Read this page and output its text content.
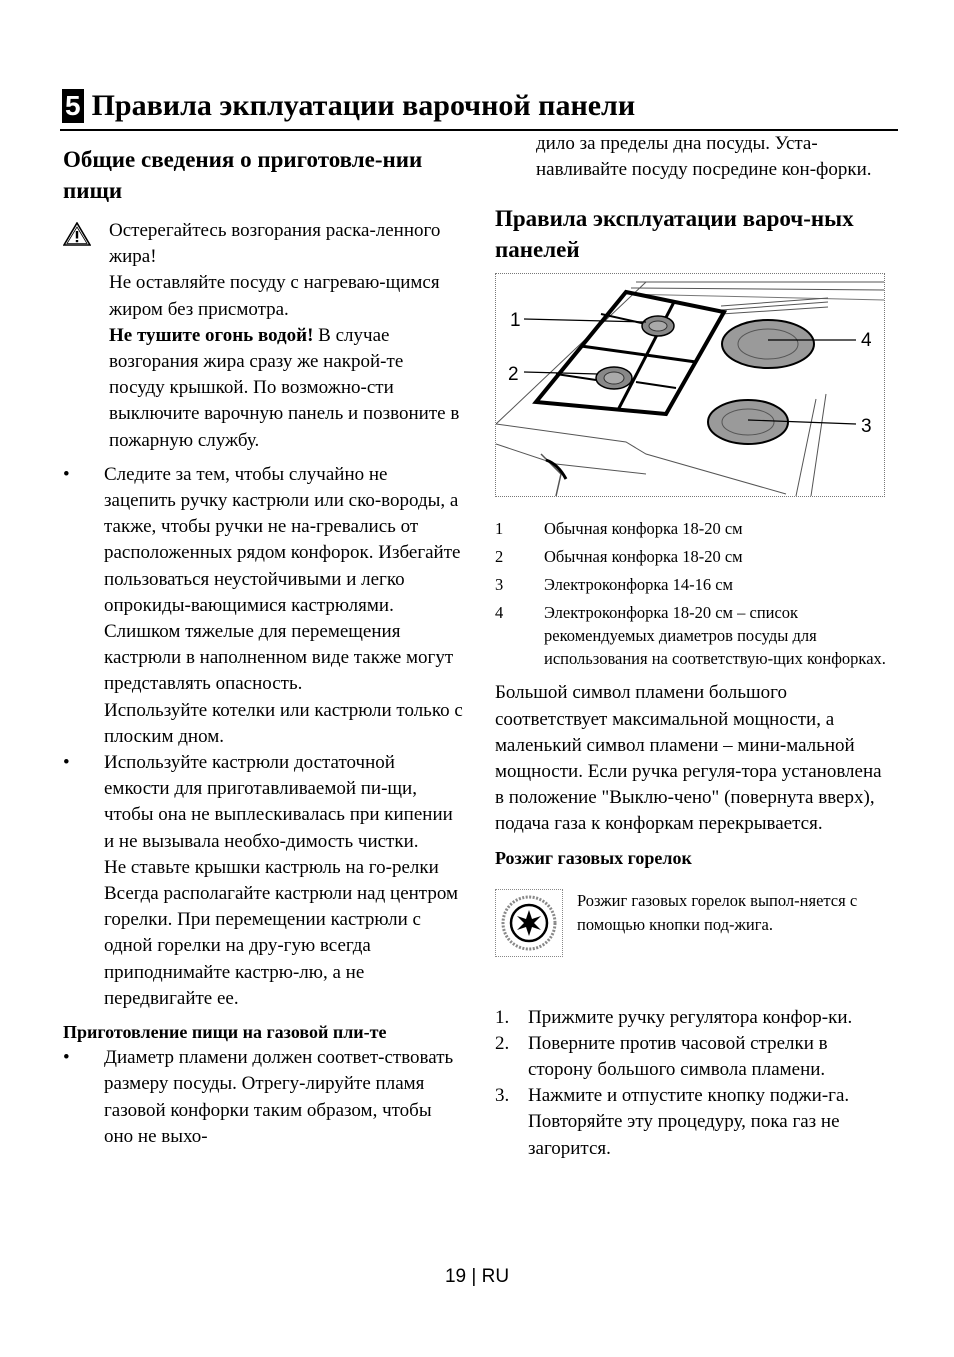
5 Правила экплуатации варочной панели
Общие сведения о приготовле-нии пищи

Остерегайтесь возгорания раска-ленного жира!

Не оставляйте посуду с нагреваю-щимся жиром без присмотра.

Не тушите огонь водой! В случае возгорания жира сразу же накрой-те посуду крышкой. По возможно-сти выключите варочную панель и позвоните в пожарную службу.

•	Следите за тем, чтобы случайно не зацепить ручку кастрюли или ско-вороды, а также, чтобы ручки не на-гревались от расположенных рядом конфорок. Избегайте пользоваться неустойчивыми и легко опрокиды-вающимися кастрюлями. Слишком тяжелые для перемещения кастрюли в наполненном виде также могут представлять опасность.

Используйте котелки или кастрюли только с плоским дном.

•	Используйте кастрюли достаточной емкости для приготавливаемой пи-щи, чтобы она не выплескивалась при кипении и не вызывала необхо-димость чистки.

Не ставьте крышки кастрюль на го-релки

Всегда располагайте кастрюли над центром горелки. При перемещении кастрюли с одной горелки на дру-гую всегда приподнимайте кастрю-лю, а не передвигайте ее.

Приготовление пищи на газовой пли-те
•	Диаметр пламени должен соответ-ствовать размеру посуды. Отрегу-лируйте пламя газовой конфорки таким образом, чтобы оно не выхо-

дило за пределы дна посуды. Уста-навливайте посуду посредине кон-форки.

Правила эксплуатации вароч-ных панелей
1
2
3
4
1	Обычная конфорка 18-20 см
2	Обычная конфорка 18-20 см
3	Электроконфорка 14-16 см
4	Электроконфорка 18-20 см – список рекомендуемых диаметров посуды для использования на соответствую-щих конфорках.

Большой символ пламени большого соответствует максимальной мощности, а маленький символ пламени – мини-мальной мощности. Если ручка регуля-тора установлена в положение "Выклю-чено" (повернута вверх), подача газа к конфоркам перекрывается.

Розжиг газовых горелок
Розжиг газовых горелок выпол-няется с помощью кнопки под-жига.
1. Прижмите ручку регулятора конфор-ки.
2. Поверните против часовой стрелки в сторону большого символа пламени.
3. Нажмите и отпустите кнопку поджи-га. Повторяйте эту процедуру, пока газ не загорится.
19 | RU
